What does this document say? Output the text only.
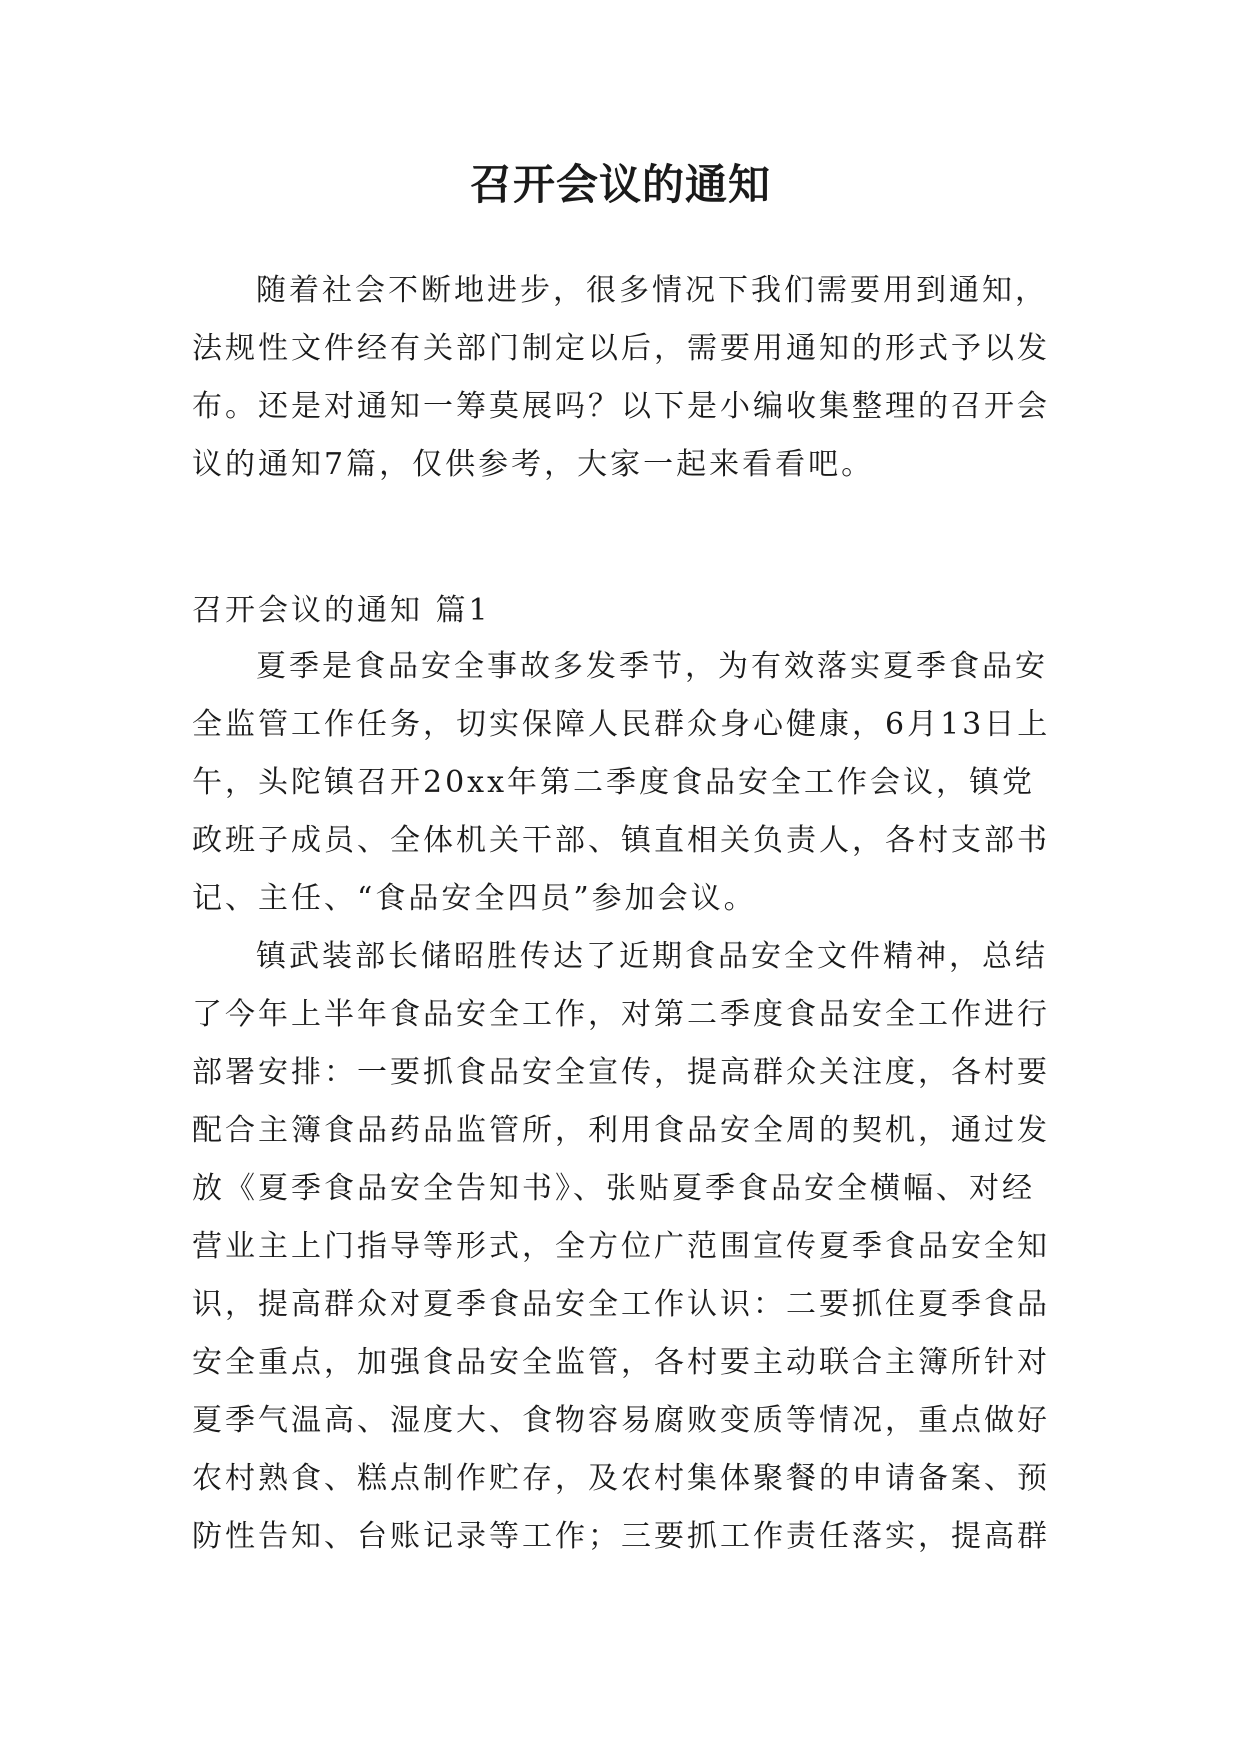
召开会议的通知

随着社会不断地进步，很多情况下我们需要用到通知，法规性文件经有关部门制定以后，需要用通知的形式予以发布。还是对通知一筹莫展吗？以下是小编收集整理的召开会议的通知7篇，仅供参考，大家一起来看看吧。

召开会议的通知 篇1

夏季是食品安全事故多发季节，为有效落实夏季食品安全监管工作任务，切实保障人民群众身心健康，6月13日上午，头陀镇召开20xx年第二季度食品安全工作会议，镇党政班子成员、全体机关干部、镇直相关负责人，各村支部书记、主任、“食品安全四员”参加会议。

镇武装部长储昭胜传达了近期食品安全文件精神，总结了今年上半年食品安全工作，对第二季度食品安全工作进行部署安排：一要抓食品安全宣传，提高群众关注度，各村要配合主簿食品药品监管所，利用食品安全周的契机，通过发放《夏季食品安全告知书》、张贴夏季食品安全横幅、对经营业主上门指导等形式，全方位广范围宣传夏季食品安全知识，提高群众对夏季食品安全工作认识：二要抓住夏季食品安全重点，加强食品安全监管，各村要主动联合主簿所针对夏季气温高、湿度大、食物容易腐败变质等情况，重点做好农村熟食、糕点制作贮存，及农村集体聚餐的申请备案、预防性告知、台账记录等工作；三要抓工作责任落实，提高群
